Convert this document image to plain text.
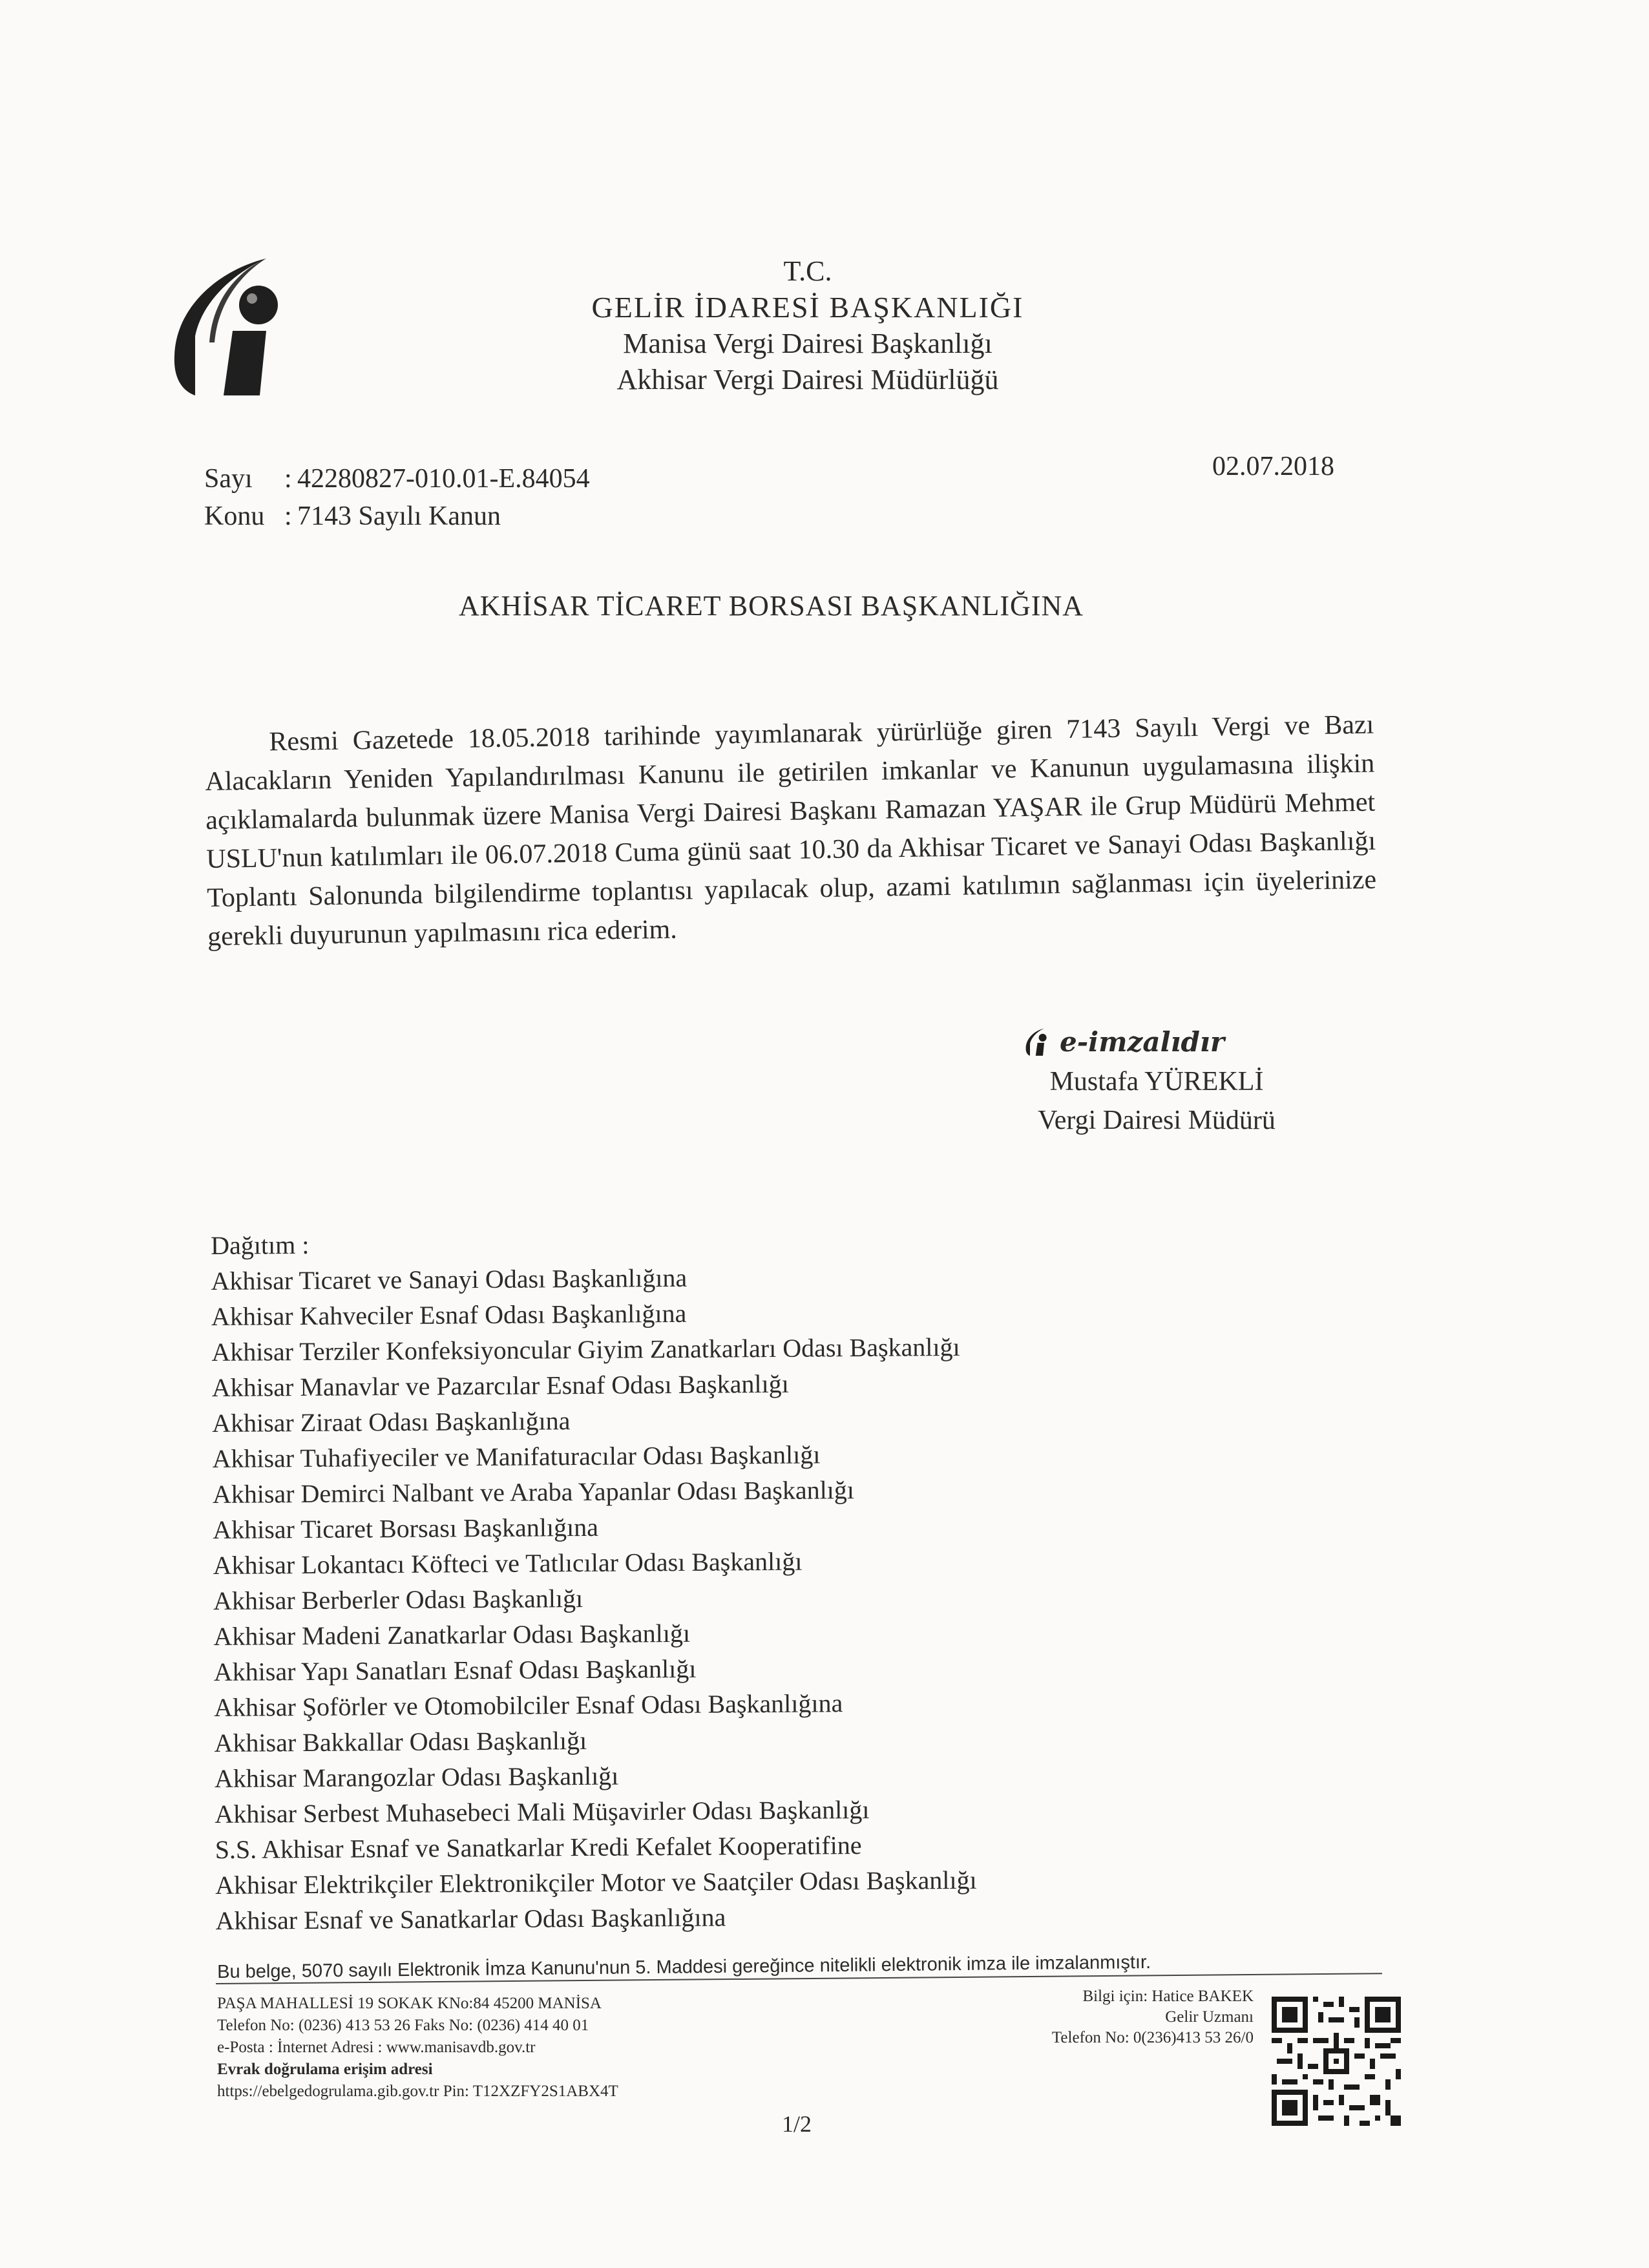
T.C.
GELİR İDARESİ BAŞKANLIĞI
Manisa Vergi Dairesi Başkanlığı
Akhisar Vergi Dairesi Müdürlüğü
Sayı : 42280827-010.01-E.84054
Konu : 7143 Sayılı Kanun
02.07.2018
AKHİSAR TİCARET BORSASI BAŞKANLIĞINA

Resmi Gazetede 18.05.2018 tarihinde yayımlanarak yürürlüğe giren 7143 Sayılı Vergi ve Bazı Alacakların Yeniden Yapılandırılması Kanunu ile getirilen imkanlar ve Kanunun uygulamasına ilişkin açıklamalarda bulunmak üzere Manisa Vergi Dairesi Başkanı Ramazan YAŞAR ile Grup Müdürü Mehmet USLU'nun katılımları ile 06.07.2018 Cuma günü saat 10.30 da Akhisar Ticaret ve Sanayi Odası Başkanlığı Toplantı Salonunda bilgilendirme toplantısı yapılacak olup, azami katılımın sağlanması için üyelerinize gerekli duyurunun yapılmasını rica ederim.

e-imzalıdır
Mustafa YÜREKLİ
Vergi Dairesi Müdürü
Dağıtım :
Akhisar Ticaret ve Sanayi Odası Başkanlığına
Akhisar Kahveciler Esnaf Odası Başkanlığına
Akhisar Terziler Konfeksiyoncular Giyim Zanatkarları Odası Başkanlığı
Akhisar Manavlar ve Pazarcılar Esnaf Odası Başkanlığı
Akhisar Ziraat Odası Başkanlığına
Akhisar Tuhafiyeciler ve Manifaturacılar Odası Başkanlığı
Akhisar Demirci Nalbant ve Araba Yapanlar Odası Başkanlığı
Akhisar Ticaret Borsası Başkanlığına
Akhisar Lokantacı Köfteci ve Tatlıcılar Odası Başkanlığı
Akhisar Berberler Odası Başkanlığı
Akhisar Madeni Zanatkarlar Odası Başkanlığı
Akhisar Yapı Sanatları Esnaf Odası Başkanlığı
Akhisar Şoförler ve Otomobilciler Esnaf Odası Başkanlığına
Akhisar Bakkallar Odası Başkanlığı
Akhisar Marangozlar Odası Başkanlığı
Akhisar Serbest Muhasebeci Mali Müşavirler Odası Başkanlığı
S.S. Akhisar Esnaf ve Sanatkarlar Kredi Kefalet Kooperatifine
Akhisar Elektrikçiler Elektronikçiler Motor ve Saatçiler Odası Başkanlığı
Akhisar Esnaf ve Sanatkarlar Odası Başkanlığına
Bu belge, 5070 sayılı Elektronik İmza Kanunu'nun 5. Maddesi gereğince nitelikli elektronik imza ile imzalanmıştır.
PAŞA MAHALLESİ 19 SOKAK KNo:84 45200 MANİSA
Telefon No: (0236) 413 53 26 Faks No: (0236) 414 40 01
e-Posta : İnternet Adresi : www.manisavdb.gov.tr
Evrak doğrulama erişim adresi
https://ebelgedogrulama.gib.gov.tr Pin: T12XZFY2S1ABX4T
Bilgi için: Hatice BAKEK
Gelir Uzmanı
Telefon No: 0(236)413 53 26/0
1/2
